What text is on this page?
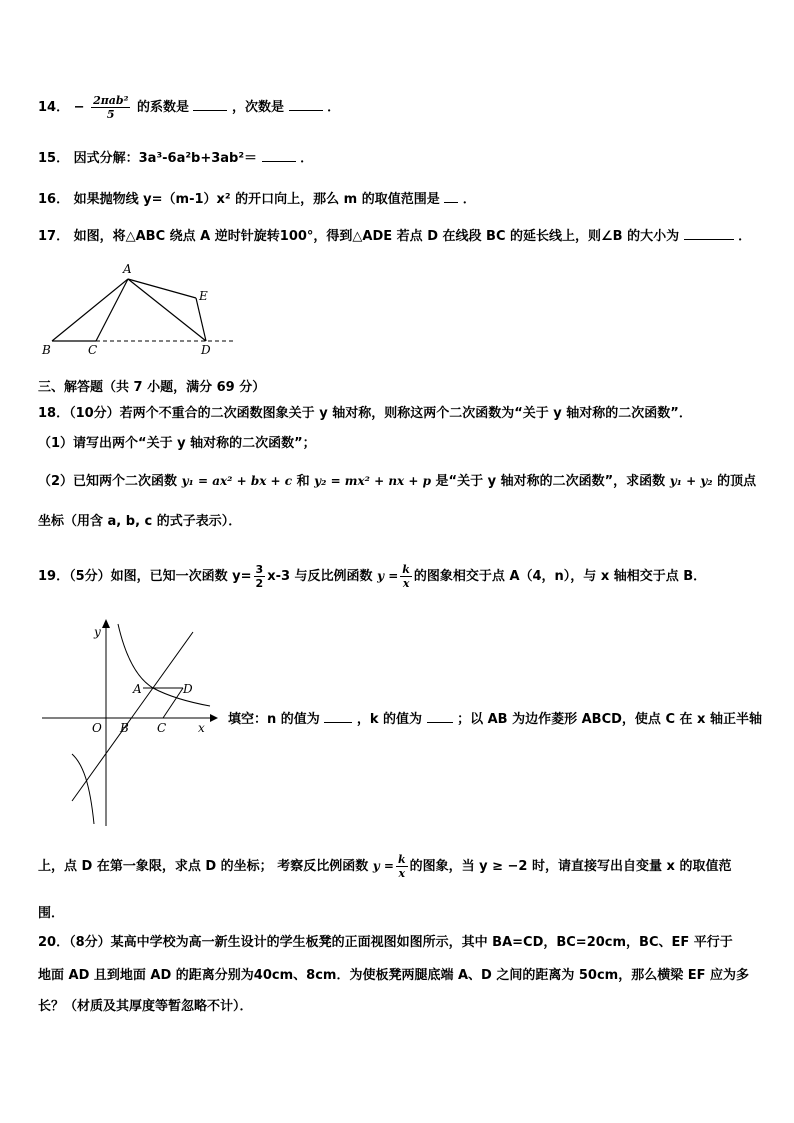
14． − $\frac{\text{2πab²}}{5}$ 的系数是	，次数是	．
15． 因式分解：3a³-6a²b+3ab²＝	．
16． 如果抛物线 y=（m-1）x² 的开口向上，那么 m 的取值范围是 ．
17． 如图，将△ABC 绕点 A 逆时针旋转100°，得到△ADE 若点 D 在线段 BC 的延长线上，则∠B 的大小为	．
A
B	C	D
E
三、解答题（共 7 小题，满分 69 分）
18．（10分）若两个不重合的二次函数图象关于 y 轴对称，则称这两个二次函数为“关于 y 轴对称的二次函数”．
（1）请写出两个“关于 y 轴对称的二次函数”；
（2）已知两个二次函数 y₁ = ax² + bx + c 和 y₂ = mx² + nx + p 是“关于 y 轴对称的二次函数”，求函数 y₁ + y₂ 的顶点
坐标（用含 a, b, c 的式子表示）．
19．（5分）如图，已知一次函数 $y= \frac{3}{2} x-3$ 与反比例函数 $y = \frac{k}{x}$ 的图象相交于点 A（4，n），与 x 轴相交于点 B．
y
x
O
A
B C
D
填空：n 的值为	，k 的值为	；以 AB 为边作菱形 ABCD，使点 C 在 x 轴正半轴
上，点 D 在第一象限，求点 D 的坐标； 考察反比例函数 $y = \frac{k}{x}$ 的图象，当 y ≥ −2 时，请直接写出自变量 x 的取值范
围．
20．（8分）某高中学校为高一新生设计的学生板凳的正面视图如图所示，其中 BA=CD，BC=20cm，BC、EF 平行于
地面 AD 且到地面 AD 的距离分别为40cm、8cm．为使板凳两腿底端 A、D 之间的距离为 50cm，那么横梁 EF 应为多
长？（材质及其厚度等暂忽略不计）．
